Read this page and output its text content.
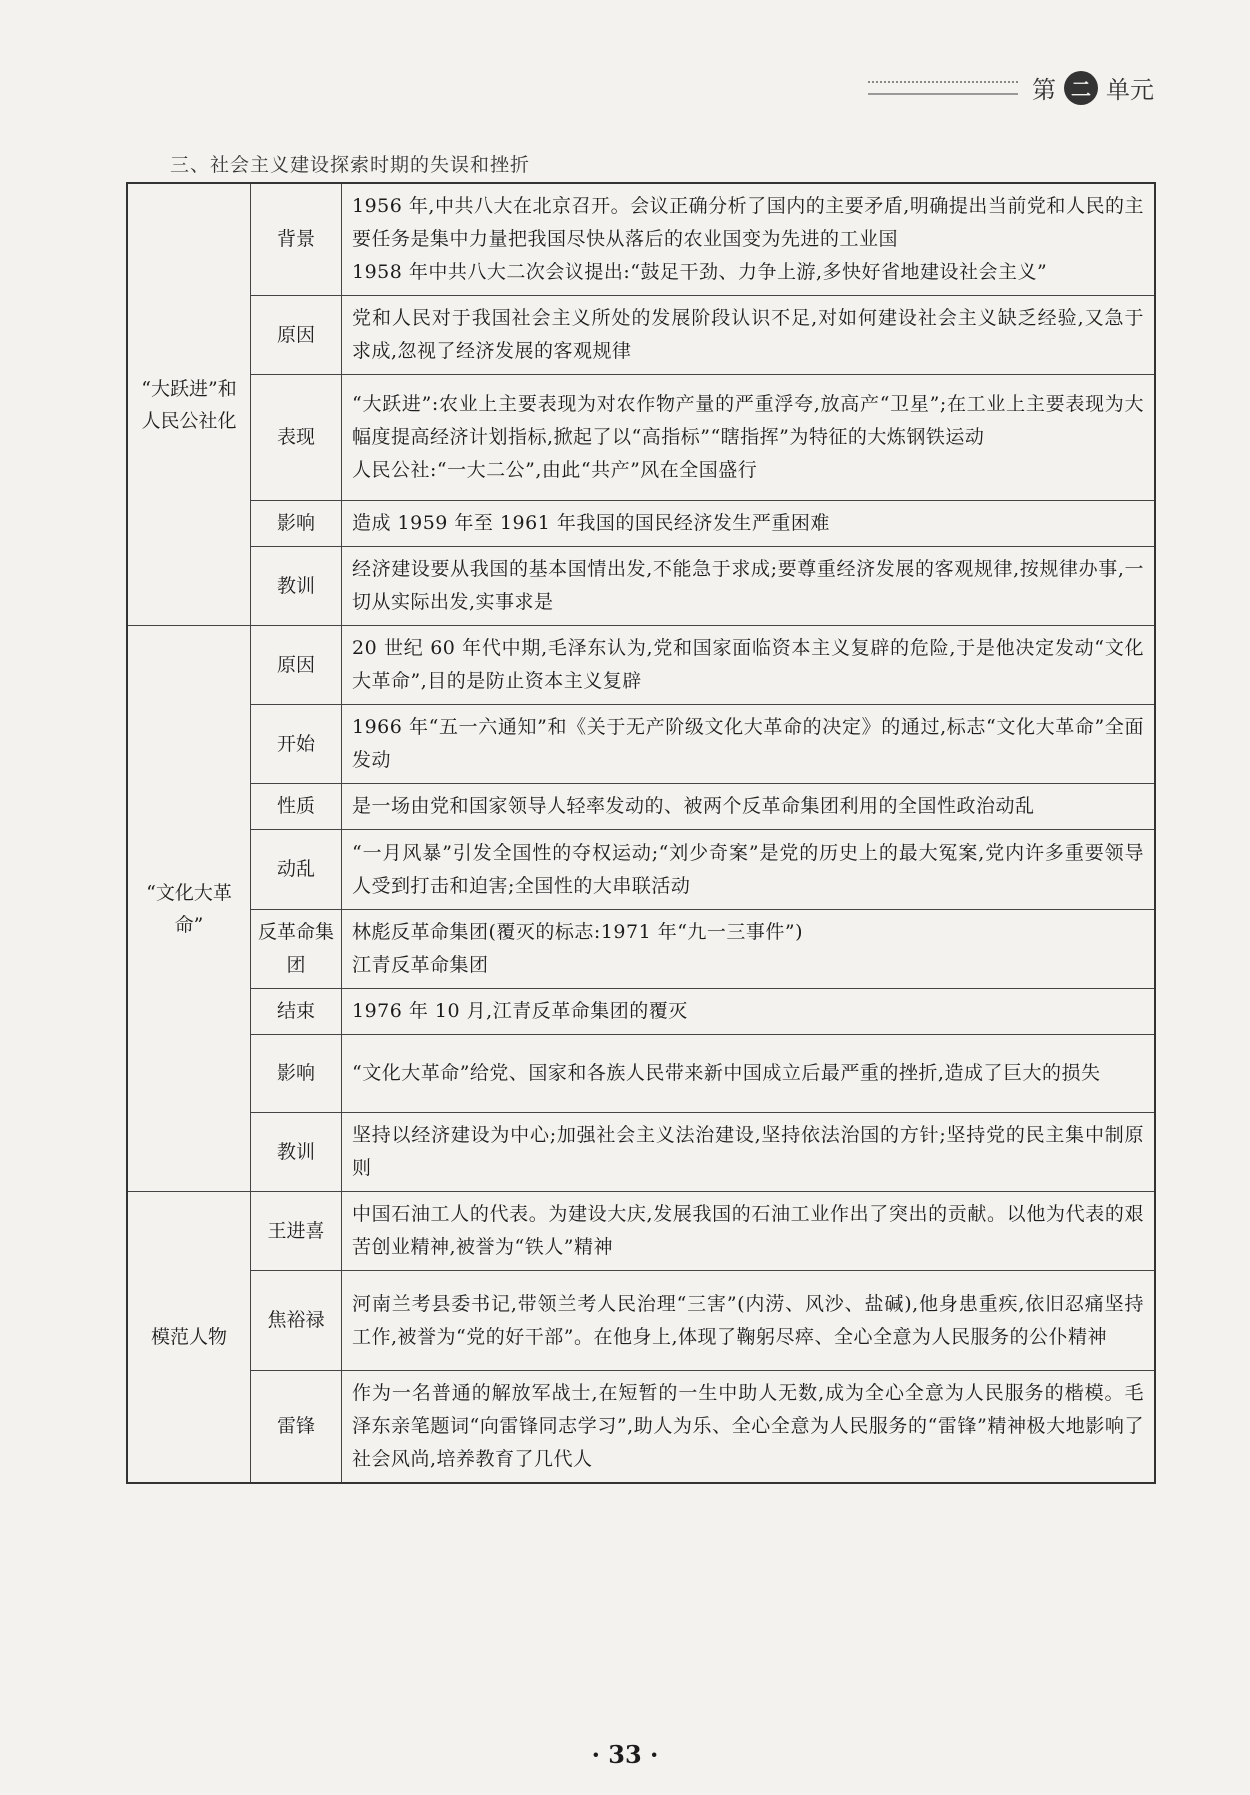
第 二 单元
三、社会主义建设探索时期的失误和挫折
“大跃进”和人民公社化	背景	1956 年,中共八大在北京召开。会议正确分析了国内的主要矛盾,明确提出当前党和人民的主要任务是集中力量把我国尽快从落后的农业国变为先进的工业国
1958 年中共八大二次会议提出:“鼓足干劲、力争上游,多快好省地建设社会主义”

	原因	党和人民对于我国社会主义所处的发展阶段认识不足,对如何建设社会主义缺乏经验,又急于求成,忽视了经济发展的客观规律

	表现	“大跃进”:农业上主要表现为对农作物产量的严重浮夸,放高产“卫星”;在工业上主要表现为大幅度提高经济计划指标,掀起了以“高指标”“瞎指挥”为特征的大炼钢铁运动
人民公社:“一大二公”,由此“共产”风在全国盛行

	影响	造成 1959 年至 1961 年我国的国民经济发生严重困难

	教训	经济建设要从我国的基本国情出发,不能急于求成;要尊重经济发展的客观规律,按规律办事,一切从实际出发,实事求是

“文化大革命”	原因	20 世纪 60 年代中期,毛泽东认为,党和国家面临资本主义复辟的危险,于是他决定发动“文化大革命”,目的是防止资本主义复辟

	开始	1966 年“五一六通知”和《关于无产阶级文化大革命的决定》的通过,标志“文化大革命”全面发动

	性质	是一场由党和国家领导人轻率发动的、被两个反革命集团利用的全国性政治动乱

	动乱	“一月风暴”引发全国性的夺权运动;“刘少奇案”是党的历史上的最大冤案,党内许多重要领导人受到打击和迫害;全国性的大串联活动

	反革命集团	林彪反革命集团(覆灭的标志:1971 年“九一三事件”)
江青反革命集团

	结束	1976 年 10 月,江青反革命集团的覆灭

	影响	“文化大革命”给党、国家和各族人民带来新中国成立后最严重的挫折,造成了巨大的损失

	教训	坚持以经济建设为中心;加强社会主义法治建设,坚持依法治国的方针;坚持党的民主集中制原则

模范人物	王进喜	中国石油工人的代表。为建设大庆,发展我国的石油工业作出了突出的贡献。以他为代表的艰苦创业精神,被誉为“铁人”精神

	焦裕禄	河南兰考县委书记,带领兰考人民治理“三害”(内涝、风沙、盐碱),他身患重疾,依旧忍痛坚持工作,被誉为“党的好干部”。在他身上,体现了鞠躬尽瘁、全心全意为人民服务的公仆精神

	雷锋	作为一名普通的解放军战士,在短暂的一生中助人无数,成为全心全意为人民服务的楷模。毛泽东亲笔题词“向雷锋同志学习”,助人为乐、全心全意为人民服务的“雷锋”精神极大地影响了社会风尚,培养教育了几代人
· 33 ·
